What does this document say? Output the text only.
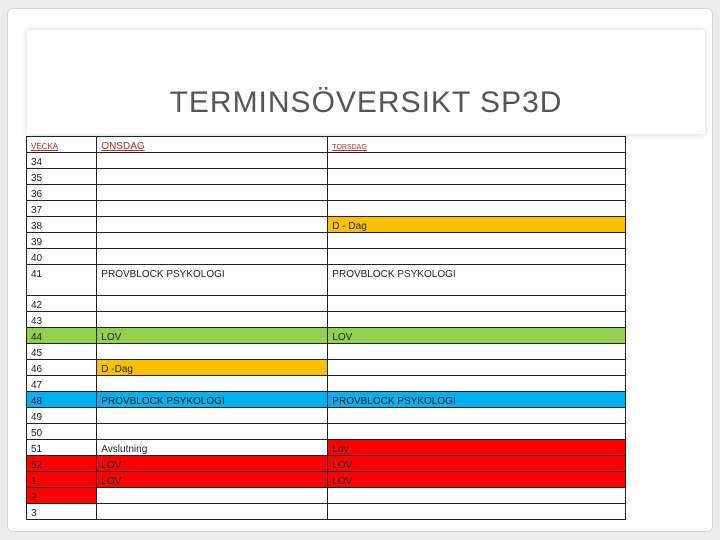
TERMINSÖVERSIKT SP3D
VECKA	ONSDAG	TORSDAG
34		
35		
36		
37		
38		D - Dag
39		
40		

41	PROVBLOCK PSYKOLOGI	PROVBLOCK PSYKOLOGI

42		
43		
44	LOV	LOV
45		
46	D -Dag	
47		
48	PROVBLOCK PSYKOLOGI	PROVBLOCK PSYKOLOGI
49		
50		
51	Avslutning	Lov
52	LOV	LOV
1	LOV	LOV
2		
3		
